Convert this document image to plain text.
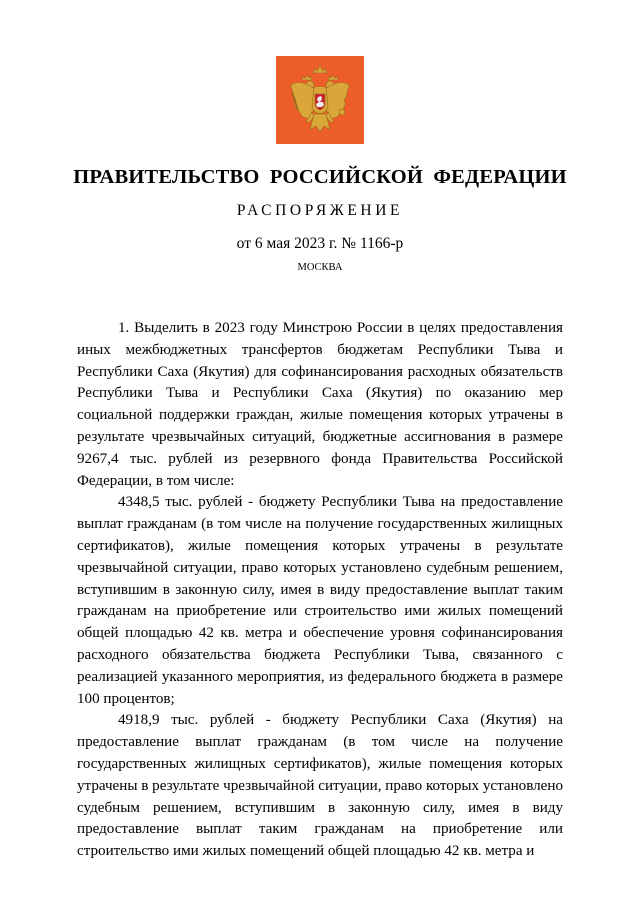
ПРАВИТЕЛЬСТВО РОССИЙСКОЙ ФЕДЕРАЦИИ
РАСПОРЯЖЕНИЕ
от 6 мая 2023 г. № 1166-р
МОСКВА

1. Выделить в 2023 году Минстрою России в целях предоставления иных межбюджетных трансфертов бюджетам Республики Тыва и Республики Саха (Якутия) для софинансирования расходных обязательств Республики Тыва и Республики Саха (Якутия) по оказанию мер социальной поддержки граждан, жилые помещения которых утрачены в результате чрезвычайных ситуаций, бюджетные ассигнования в размере 9267,4 тыс. рублей из резервного фонда Правительства Российской Федерации, в том числе:

4348,5 тыс. рублей - бюджету Республики Тыва на предоставление выплат гражданам (в том числе на получение государственных жилищных сертификатов), жилые помещения которых утрачены в результате чрезвычайной ситуации, право которых установлено судебным решением, вступившим в законную силу, имея в виду предоставление выплат таким гражданам на приобретение или строительство ими жилых помещений общей площадью 42 кв. метра и обеспечение уровня софинансирования расходного обязательства бюджета Республики Тыва, связанного с реализацией указанного мероприятия, из федерального бюджета в размере 100 процентов;

4918,9 тыс. рублей - бюджету Республики Саха (Якутия) на предоставление выплат гражданам (в том числе на получение государственных жилищных сертификатов), жилые помещения которых утрачены в результате чрезвычайной ситуации, право которых установлено судебным решением, вступившим в законную силу, имея в виду предоставление выплат таким гражданам на приобретение или строительство ими жилых помещений общей площадью 42 кв. метра и
